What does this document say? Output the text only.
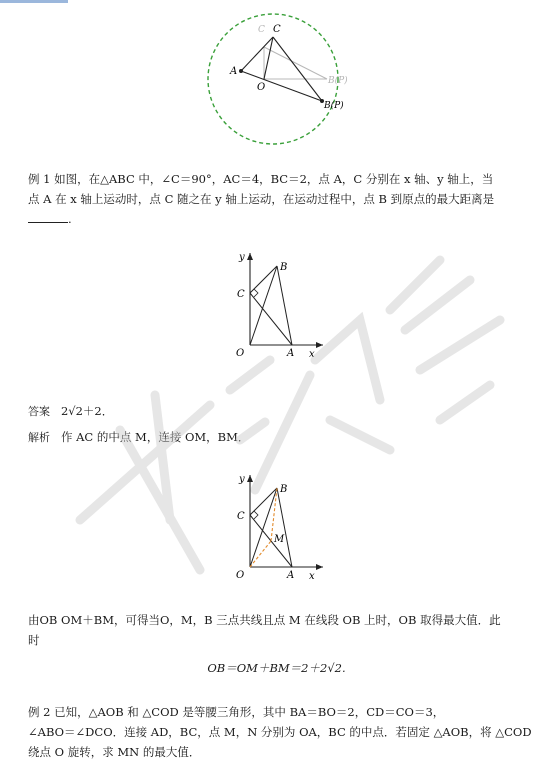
A
O
C
C
B(P)
B(P)
例 1 如图，在△ABC 中，∠C＝90°，AC＝4，BC＝2，点 A，C 分别在 x 轴、y 轴上，当
点 A 在 x 轴上运动时，点 C 随之在 y 轴上运动，在运动过程中，点 B 到原点的最大距离是
.
y
x
O	A
B
C
答案 2√2＋2．
解析 作 AC 的中点 M，连接 OM，BM．
y
x
O	A
B
C
M
由OB OM＋BM，可得当O，M，B 三点共线且点 M 在线段 OB 上时，OB 取得最大值．此
时
OB＝OM＋BM＝2＋2√2.
例 2 已知，△AOB 和 △COD 是等腰三角形，其中 BA＝BO＝2，CD＝CO＝3，
∠ABO＝∠DCO．连接 AD，BC，点 M，N 分别为 OA，BC 的中点．若固定 △AOB，将 △COD
绕点 O 旋转，求 MN 的最大值．
